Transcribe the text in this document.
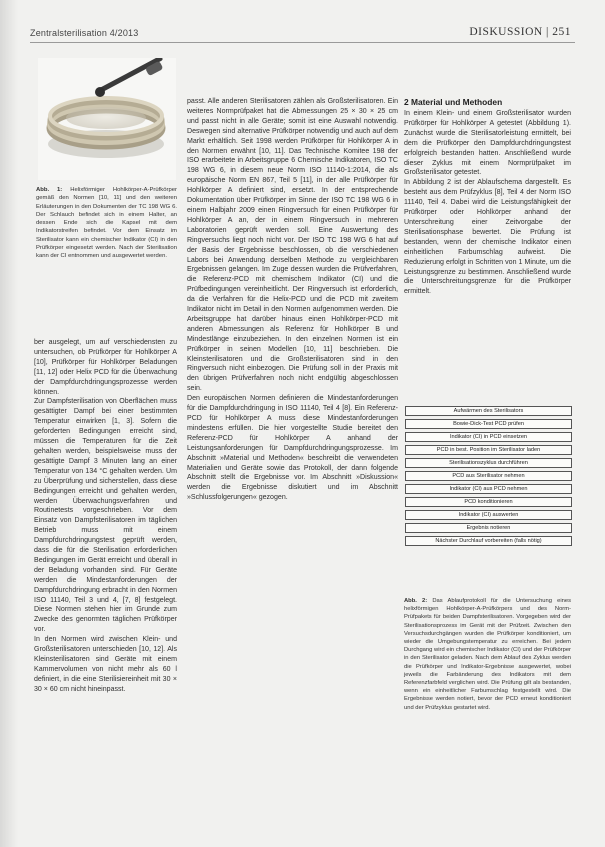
Zentralsterilisation 4/2013	DISKUSSION | 251
Abb. 1: Helixförmiger Hohlkörper-A-Prüfkörper gemäß den Normen [10, 11] und den weiteren Erläuterungen in den Dokumenten der TC 198 WG 6. Der Schlauch befindet sich in einem Halter, an dessen Ende sich die Kapsel mit dem Indikatorstreifen befindet. Vor dem Einsatz im Sterilisator kann ein chemischer Indikator (CI) in den Prüfkörper eingesetzt werden. Nach der Sterilisation kann der CI entnommen und ausgewertet werden.

ber ausgelegt, um auf verschiedensten zu untersuchen, ob Prüfkörper für Hohlkörper A [10], Prüfkörper für Hohlkörper Beladungen [11, 12] oder Helix PCD für die Überwachung der Dampfdurchdringungsprozesse werden können.

Zur Dampfsterilisation von Oberflächen muss gesättigter Dampf bei einer bestimmten Temperatur einwirken [1, 3]. Sofern die geforderten Bedingungen erreicht sind, müssen die Temperaturen für die Zeit gehalten werden, beispielsweise muss der gesättigte Dampf 3 Minuten lang an einer Temperatur von 134 °C gehalten werden. Um zu Überprüfung und sicherstellen, dass diese Bedingungen erreicht und gehalten werden, werden Überwachungsverfahren und Routinetests vorgeschrieben. Vor dem Einsatz von Dampfsterilisatoren im täglichen Betrieb muss mit einem Dampfdurchdringungstest geprüft werden, dass die für die Sterilisation erforderlichen Bedingungen im Gerät erreicht und überall in der Beladung vorhanden sind. Für Geräte werden die Mindestanforderungen der Dampfdurchdringung erbracht in den Normen ISO 11140, Teil 3 und 4, [7, 8] festgelegt. Diese Normen stehen hier im Grunde zum Zwecke des genormten täglichen Prüfkörper vor.

In den Normen wird zwischen Klein- und Großsterilisatoren unterschieden [10, 12]. Als Kleinsterilisatoren sind Geräte mit einem Kammervolumen von nicht mehr als 60 l definiert, in die eine Sterilisiereinheit mit 30 × 30 × 60 cm nicht hineinpasst.

passt. Alle anderen Sterilisatoren zählen als Großsterilisatoren. Ein weiteres Normprüfpaket hat die Abmessungen 25 × 30 × 25 cm und passt nicht in alle Geräte; somit ist eine Auswahl notwendig. Deswegen sind alternative Prüfkörper notwendig und auch auf dem Markt erhältlich. Seit 1998 werden Prüfkörper für Hohlkörper A in den Normen erwähnt [10, 11]. Das Technische Komitee 198 der ISO erarbeitete in Arbeitsgruppe 6 Chemische Indikatoren, ISO TC 198 WG 6, in diesem neue Norm ISO 11140-1:2014, die als europäische Norm EN 867, Teil 5 [11], in der alle Prüfkörper für Hohlkörper A definiert sind, ersetzt. In der entsprechende Dokumentation über Prüfkörper im Sinne der ISO TC 198 WG 6 in einem Halbjahr 2009 einen Ringversuch für einen Prüfkörper für Hohlkörper A an, der in einem Ringversuch in mehreren Laboratorien geprüft werden soll. Eine Auswertung des Ringversuchs liegt noch nicht vor. Der ISO TC 198 WG 6 hat auf der Basis der Ergebnisse beschlossen, ob die verschiedenen Labors bei Anwendung derselben Methode zu vergleichbaren Ergebnissen gelangen. Im Zuge dessen wurden die Prüfverfahren, die Referenz-PCD mit chemischem Indikator (CI) und die Prüfbedingungen vereinheitlicht. Der Ringversuch ist erforderlich, da die Verfahren für die Helix-PCD und die PCD mit zweitem Indikator nicht im Detail in den Normen aufgenommen werden. Die Arbeitsgruppe hat darüber hinaus einen Hohlkörper-PCD mit anderen Abmessungen als Referenz für Hohlkörper B und Mindestlänge einzubeziehen. In den einzelnen Normen ist ein Prüfkörper in seinen Modellen [10, 11] beschrieben. Die Kleinsterilisatoren und die Großsterilisatoren sind in den Ringversuch nicht einbezogen. Die Prüfung soll in der Praxis mit den übrigen Prüfverfahren noch nicht endgültig abgeschlossen sein.

Den europäischen Normen definieren die Mindestanforderungen für die Dampfdurchdringung in ISO 11140, Teil 4 [8]. Ein Referenz-PCD für Hohlkörper A muss diese Mindestanforderungen mindestens erfüllen. Die hier vorgestellte Studie bereitet den Referenz-PCD für Hohlkörper A anhand der Leistungsanforderungen für Dampfdurchdringungsprozesse. Im Abschnitt »Material und Methoden« beschreibt die verwendeten Materialien und Geräte sowie das Protokoll, der dann folgende Abschnitt stellt die Ergebnisse vor. Im Abschnitt »Diskussion« werden die Ergebnisse diskutiert und im Abschnitt »Schlussfolgerungen« gezogen.

2 Material und Methoden

In einem Klein- und einem Großsterilisator wurden Prüfkörper für Hohlkörper A getestet (Abbildung 1). Zunächst wurde die Sterilisatorleistung ermittelt, bei dem die Prüfkörper den Dampfdurchdringungstest erfolgreich bestanden hatten. Anschließend wurde dieser Zyklus mit einem Normprüfpaket im Großsterilisator getestet.

In Abbildung 2 ist der Ablaufschema dargestellt. Es besteht aus dem Prüfzyklus [8], Teil 4 der Norm ISO 11140, Teil 4. Dabei wird die Leistungsfähigkeit der Prüfkörper oder Hohlkörper anhand der Unterschreitung einer Zeitvorgabe der Sterilisationsphase bewertet. Die Prüfung ist bestanden, wenn der chemische Indikator einen einheitlichen Farbumschlag aufweist. Die Reduzierung erfolgt in Schritten von 1 Minute, um die Leistungsgrenze zu bestimmen. Anschließend wurde die Unterschreitungsgrenze für die Prüfkörper ermittelt.

Aufwärmen des Sterilisators
Bowie-Dick-Test PCD prüfen
Indikator (CI) in PCD einsetzen
PCD in best. Position im Sterilisator laden
Sterilisationszyklus durchführen
PCD aus Sterilisator nehmen
Indikator (CI) aus PCD nehmen
PCD konditionieren
Indikator (CI) auswerten
Ergebnis notieren
Nächster Durchlauf vorbereiten (falls nötig)
Abb. 2: Das Ablaufprotokoll für die Untersuchung eines helixförmigen Hohlkörper-A-Prüfkörpers und des Norm-Prüfpakets für beiden Dampfsterilisatoren. Vorgegeben wird der Sterilisationsprozess im Gerät mit der Prüfzeit. Zwischen den Versuchsdurchgängen wurden die Prüfkörper konditioniert, um wieder die Umgebungstemperatur zu erreichen. Bei jedem Durchgang wird ein chemischer Indikator (CI) und der Prüfkörper in den Sterilisator geladen. Nach dem Ablauf des Zyklus werden die Prüfkörper und Indikator-Ergebnisse ausgewertet, wobei jeweils die Farbänderung des Indikators mit dem Referenzfarbfeld verglichen wird. Die Prüfung gilt als bestanden, wenn ein einheitlicher Farbumschlag festgestellt wird. Die Ergebnisse werden notiert, bevor der PCD erneut konditioniert und der Prüfzyklus gestartet wird.
